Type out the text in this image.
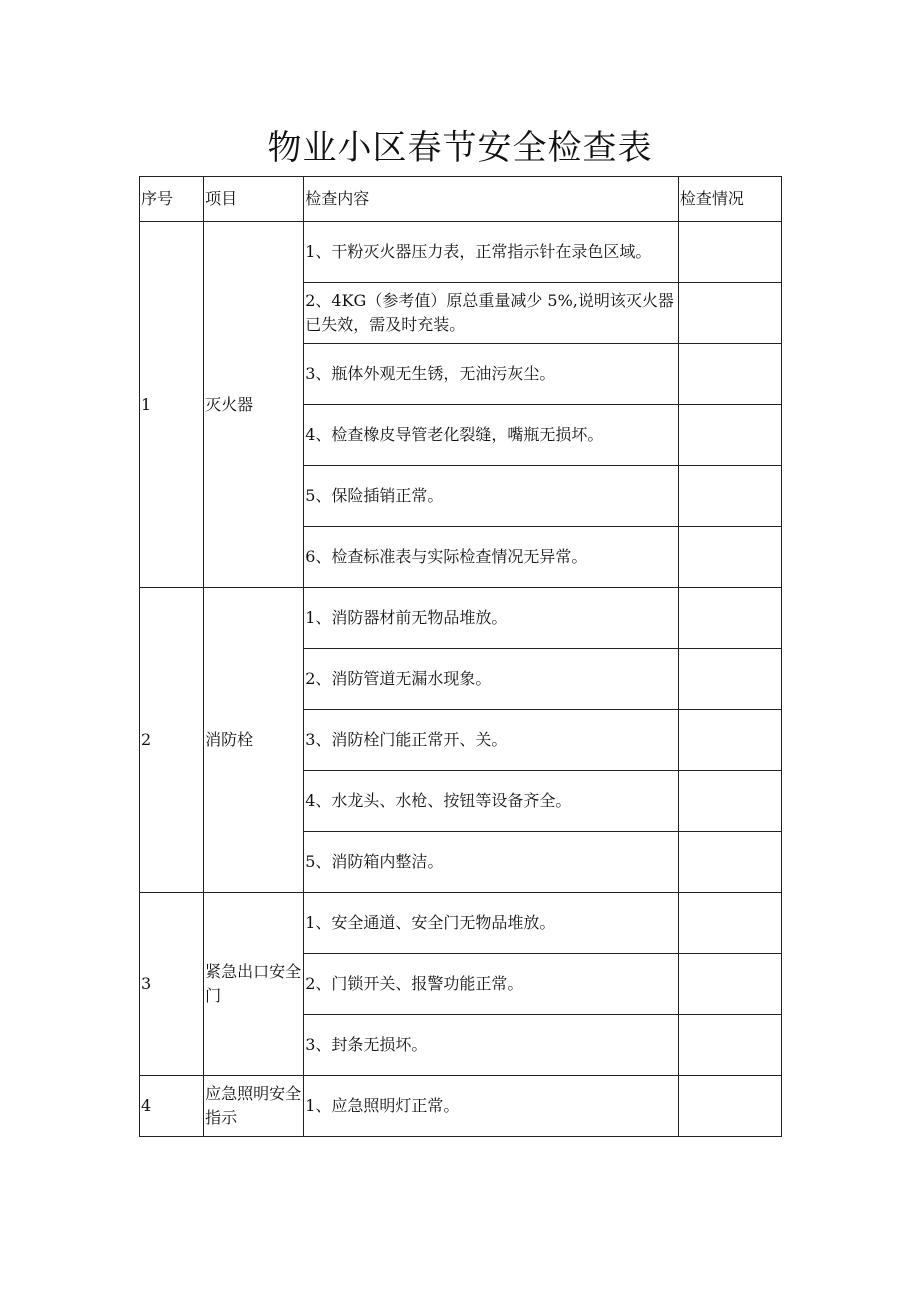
物业小区春节安全检查表
序号	项目	检查内容	检查情况
1	灭火器	1、干粉灭火器压力表，正常指示针在录色区域。	
		2、4KG（参考值）原总重量减少 5%,说明该灭火器已失效，需及时充装。	
		3、瓶体外观无生锈，无油污灰尘。	
		4、检查橡皮导管老化裂缝，嘴瓶无损坏。	
		5、保险插销正常。	
		6、检查标准表与实际检查情况无异常。	
2	消防栓	1、消防器材前无物品堆放。	
		2、消防管道无漏水现象。	
		3、消防栓门能正常开、关。	
		4、水龙头、水枪、按钮等设备齐全。	
		5、消防箱内整洁。	
3	紧急出口安全门	1、安全通道、安全门无物品堆放。	
		2、门锁开关、报警功能正常。	
		3、封条无损坏。	
4	应急照明安全指示	1、应急照明灯正常。	
